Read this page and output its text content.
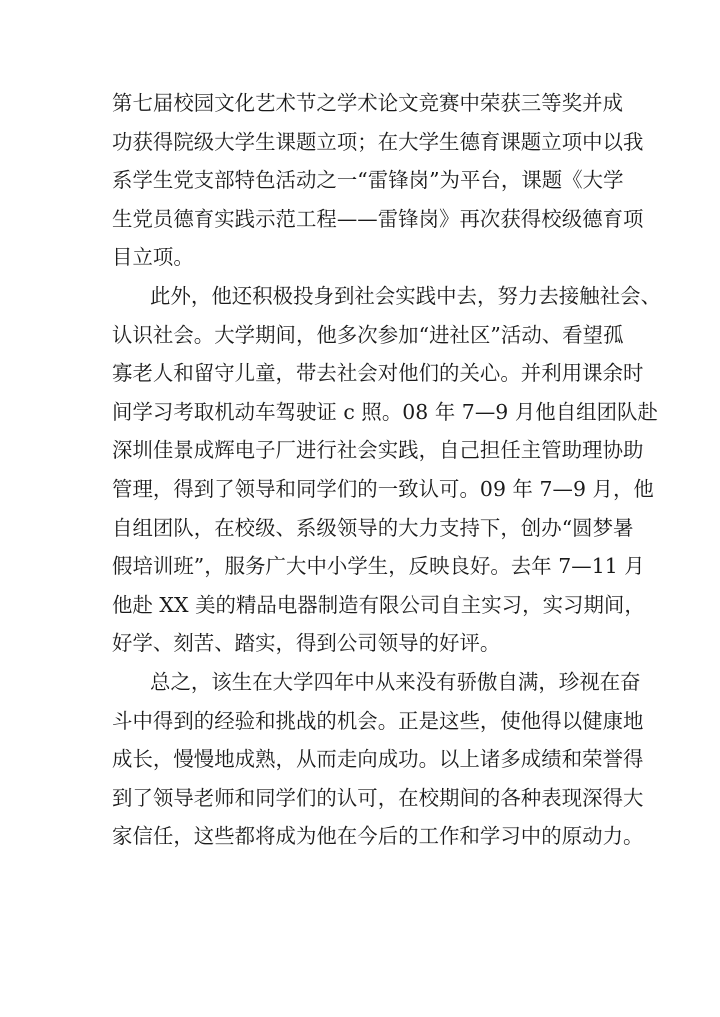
第七届校园文化艺术节之学术论文竞赛中荣获三等奖并成
功获得院级大学生课题立项；在大学生德育课题立项中以我
系学生党支部特色活动之一“雷锋岗”为平台，课题《大学
生党员德育实践示范工程——雷锋岗》再次获得校级德育项
目立项。
此外，他还积极投身到社会实践中去，努力去接触社会、
认识社会。大学期间，他多次参加“进社区”活动、看望孤
寡老人和留守儿童，带去社会对他们的关心。并利用课余时
间学习考取机动车驾驶证 c 照。08 年 7—9 月他自组团队赴
深圳佳景成辉电子厂进行社会实践，自己担任主管助理协助
管理，得到了领导和同学们的一致认可。09 年 7—9 月，他
自组团队，在校级、系级领导的大力支持下，创办“圆梦暑
假培训班”，服务广大中小学生，反映良好。去年 7—11 月
他赴 XX 美的精品电器制造有限公司自主实习，实习期间，
好学、刻苦、踏实，得到公司领导的好评。
总之，该生在大学四年中从来没有骄傲自满，珍视在奋
斗中得到的经验和挑战的机会。正是这些，使他得以健康地
成长，慢慢地成熟，从而走向成功。以上诸多成绩和荣誉得
到了领导老师和同学们的认可，在校期间的各种表现深得大
家信任，这些都将成为他在今后的工作和学习中的原动力。
